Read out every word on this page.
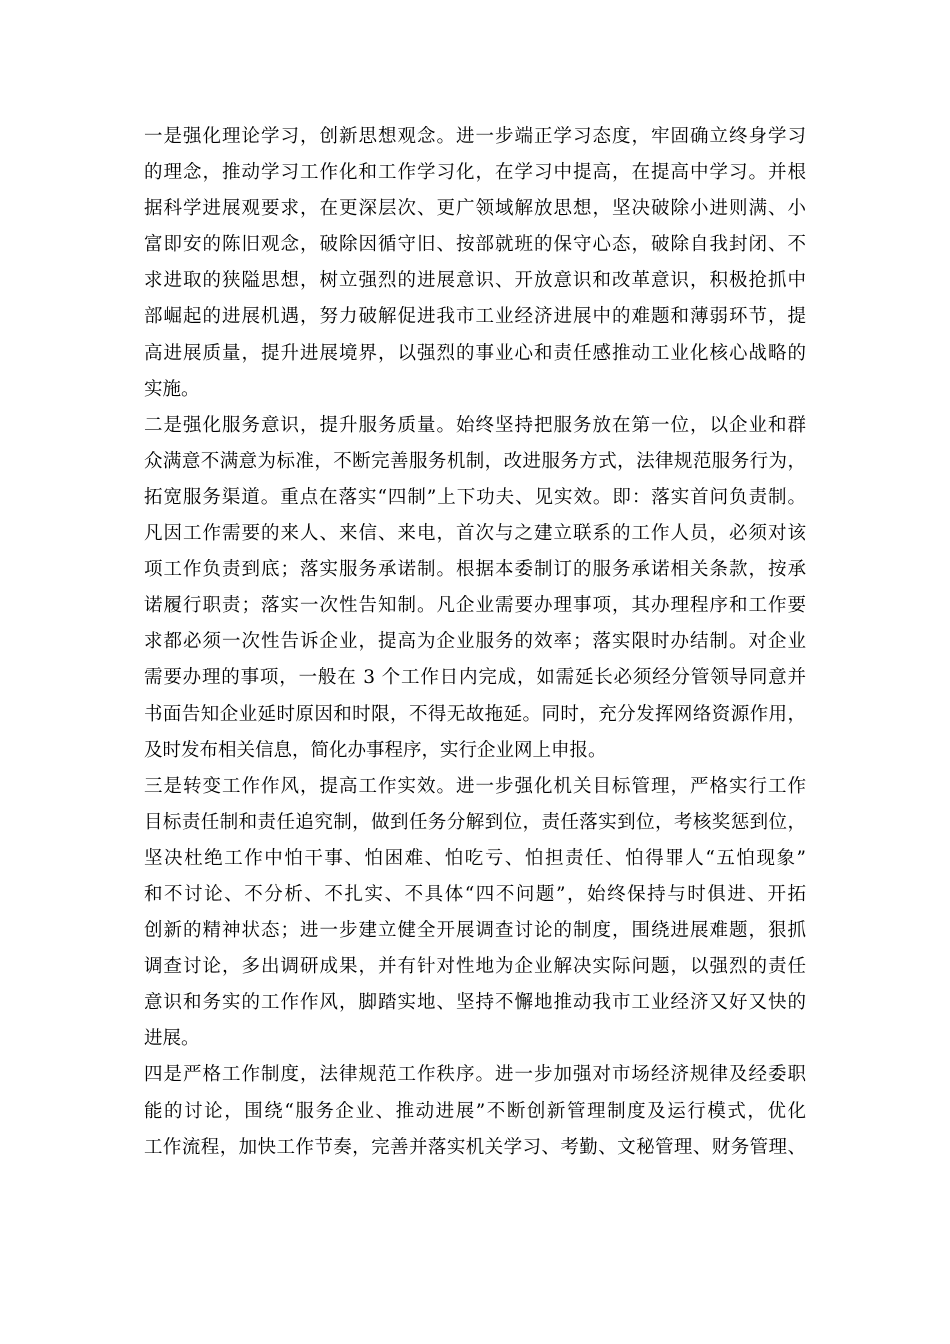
一是强化理论学习，创新思想观念。进一步端正学习态度，牢固确立终身学习
的理念，推动学习工作化和工作学习化，在学习中提高，在提高中学习。并根
据科学进展观要求，在更深层次、更广领域解放思想，坚决破除小进则满、小
富即安的陈旧观念，破除因循守旧、按部就班的保守心态，破除自我封闭、不
求进取的狭隘思想，树立强烈的进展意识、开放意识和改革意识，积极抢抓中
部崛起的进展机遇，努力破解促进我市工业经济进展中的难题和薄弱环节，提
高进展质量，提升进展境界，以强烈的事业心和责任感推动工业化核心战略的
实施。
二是强化服务意识，提升服务质量。始终坚持把服务放在第一位，以企业和群
众满意不满意为标准，不断完善服务机制，改进服务方式，法律规范服务行为，
拓宽服务渠道。重点在落实“四制”上下功夫、见实效。即：落实首问负责制。
凡因工作需要的来人、来信、来电，首次与之建立联系的工作人员，必须对该
项工作负责到底；落实服务承诺制。根据本委制订的服务承诺相关条款，按承
诺履行职责；落实一次性告知制。凡企业需要办理事项，其办理程序和工作要
求都必须一次性告诉企业，提高为企业服务的效率；落实限时办结制。对企业
需要办理的事项，一般在 3 个工作日内完成，如需延长必须经分管领导同意并
书面告知企业延时原因和时限，不得无故拖延。同时，充分发挥网络资源作用，
及时发布相关信息，简化办事程序，实行企业网上申报。
三是转变工作作风，提高工作实效。进一步强化机关目标管理，严格实行工作
目标责任制和责任追究制，做到任务分解到位，责任落实到位，考核奖惩到位，
坚决杜绝工作中怕干事、怕困难、怕吃亏、怕担责任、怕得罪人“五怕现象”
和不讨论、不分析、不扎实、不具体“四不问题”，始终保持与时俱进、开拓
创新的精神状态；进一步建立健全开展调查讨论的制度，围绕进展难题，狠抓
调查讨论，多出调研成果，并有针对性地为企业解决实际问题，以强烈的责任
意识和务实的工作作风，脚踏实地、坚持不懈地推动我市工业经济又好又快的
进展。
四是严格工作制度，法律规范工作秩序。进一步加强对市场经济规律及经委职
能的讨论，围绕“服务企业、推动进展”不断创新管理制度及运行模式，优化
工作流程，加快工作节奏，完善并落实机关学习、考勤、文秘管理、财务管理、
